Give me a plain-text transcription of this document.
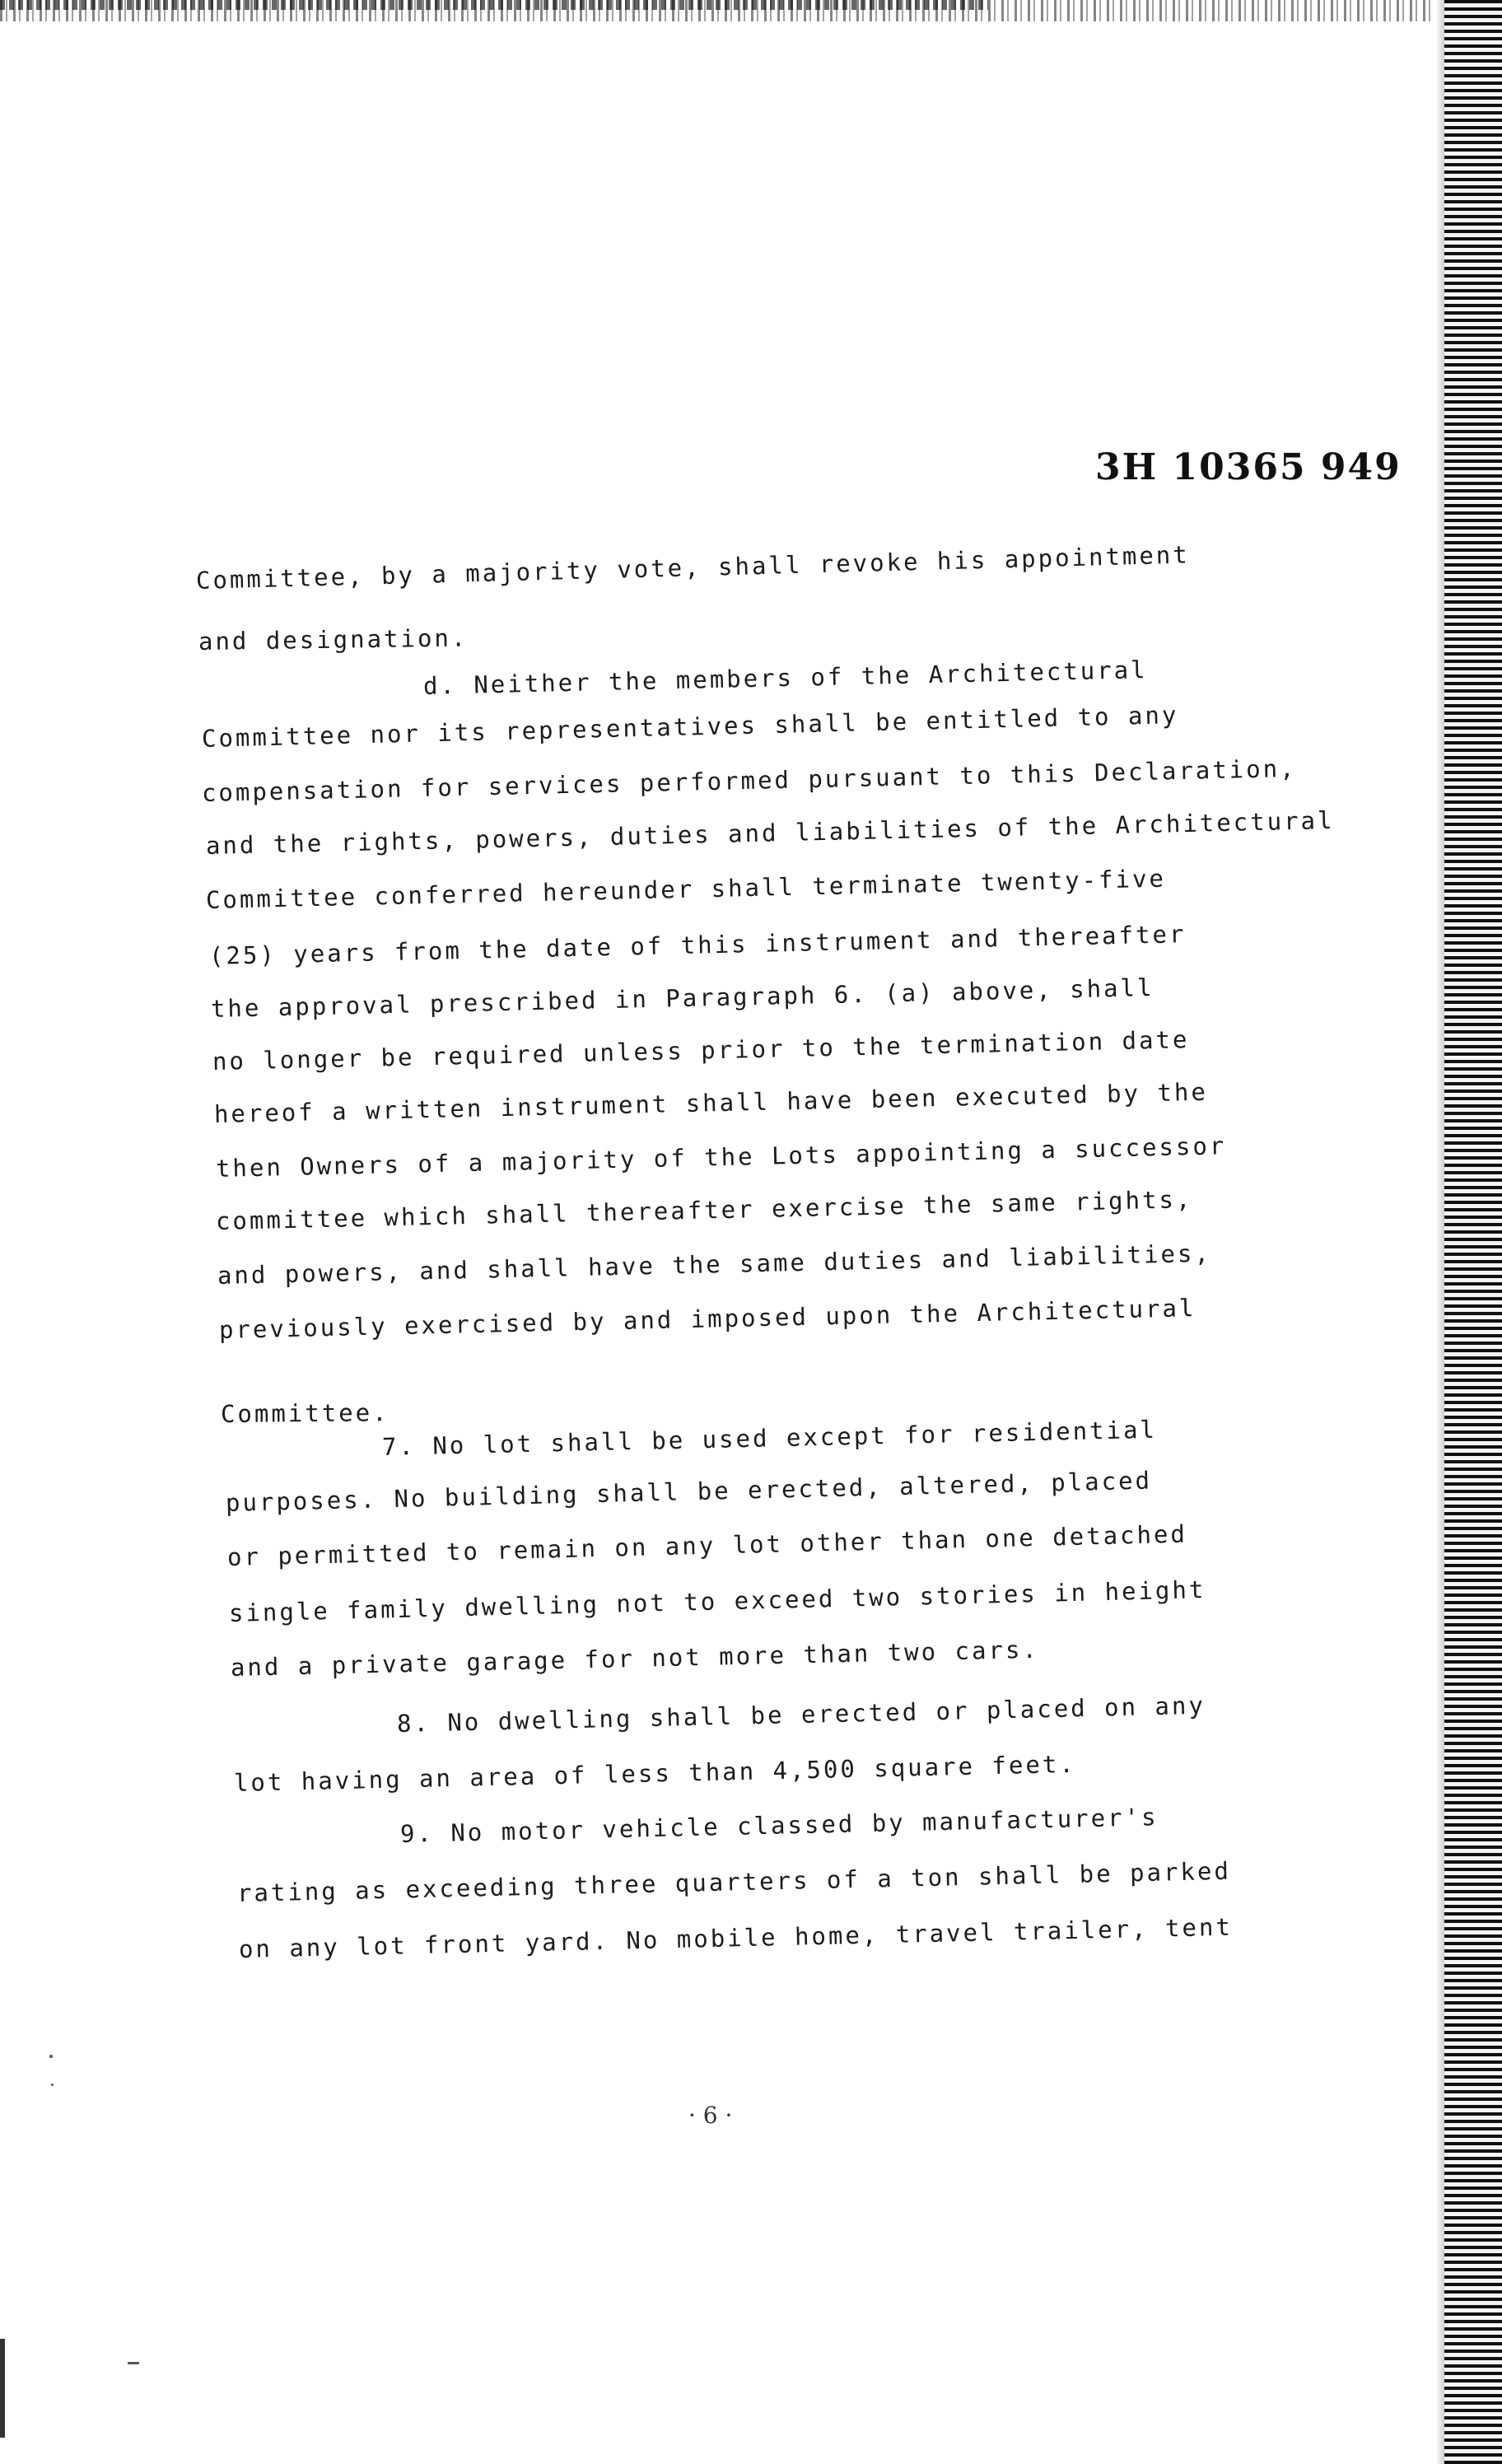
3H 10365 949
Committee, by a majority vote, shall revoke his appointment
and designation.
d. Neither the members of the Architectural
Committee nor its representatives shall be entitled to any
compensation for services performed pursuant to this Declaration,
and the rights, powers, duties and liabilities of the Architectural
Committee conferred hereunder shall terminate twenty-five
(25) years from the date of this instrument and thereafter
the approval prescribed in Paragraph 6. (a) above, shall
no longer be required unless prior to the termination date
hereof a written instrument shall have been executed by the
then Owners of a majority of the Lots appointing a successor
committee which shall thereafter exercise the same rights,
and powers, and shall have the same duties and liabilities,
previously exercised by and imposed upon the Architectural
Committee.
7. No lot shall be used except for residential
purposes. No building shall be erected, altered, placed
or permitted to remain on any lot other than one detached
single family dwelling not to exceed two stories in height
and a private garage for not more than two cars.
8. No dwelling shall be erected or placed on any
lot having an area of less than 4,500 square feet.
9. No motor vehicle classed by manufacturer's
rating as exceeding three quarters of a ton shall be parked
on any lot front yard. No mobile home, travel trailer, tent
· 6 ·
